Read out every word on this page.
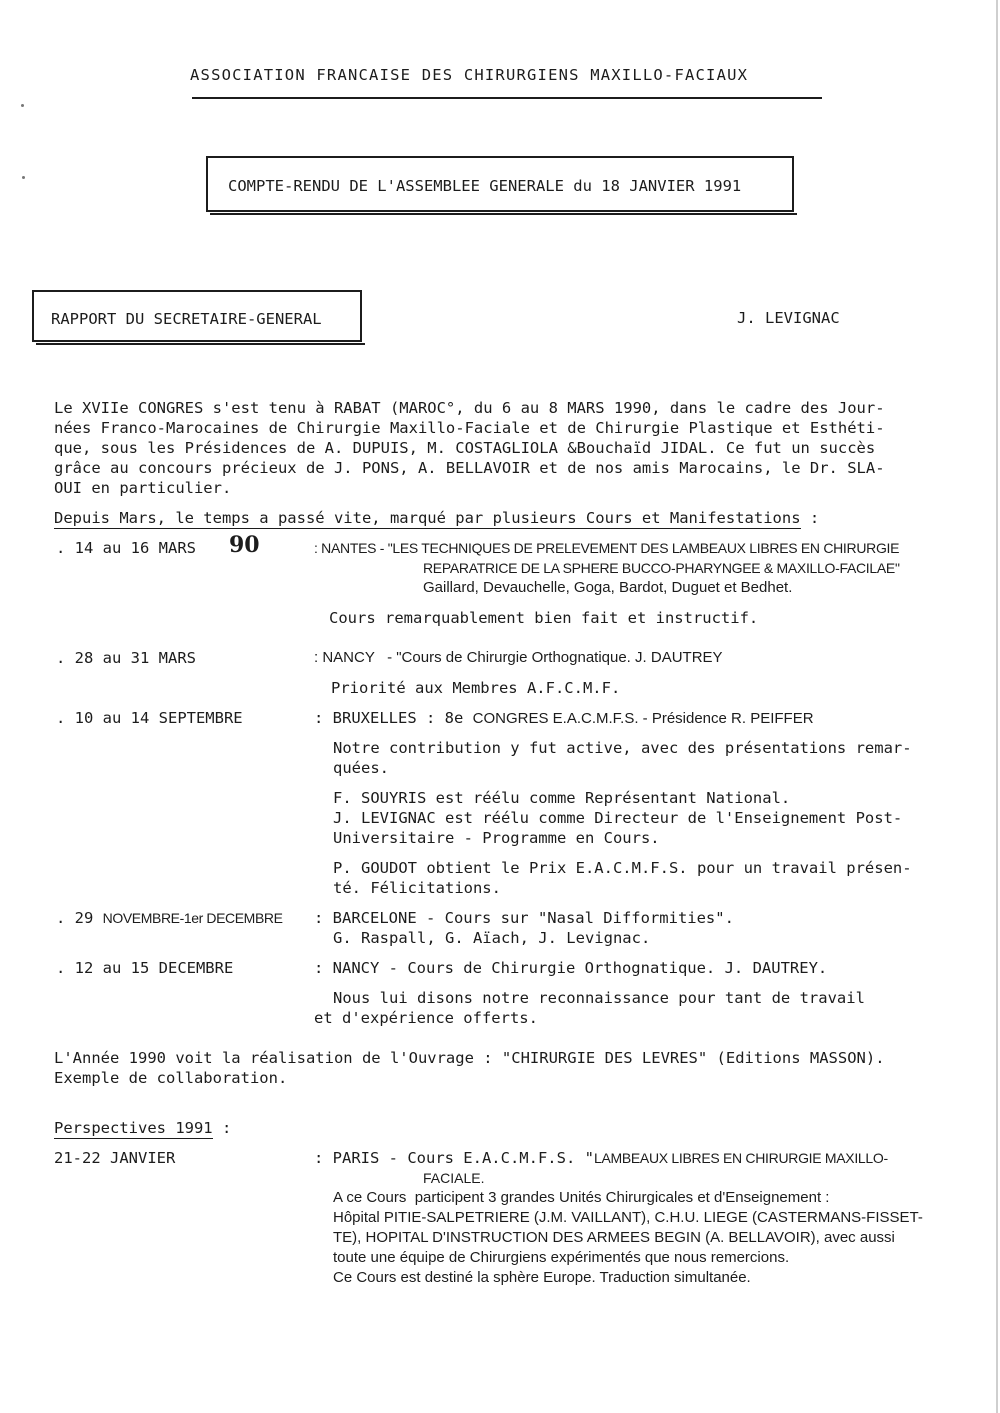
ASSOCIATION FRANCAISE DES CHIRURGIENS MAXILLO-FACIAUX
COMPTE-RENDU DE L'ASSEMBLEE GENERALE du 18 JANVIER 1991
RAPPORT DU SECRETAIRE-GENERAL	J. LEVIGNAC
Le XVIIe CONGRES s'est tenu à RABAT (MAROC°, du 6 au 8 MARS 1990, dans le cadre des Jour-
nées Franco-Marocaines de Chirurgie Maxillo-Faciale et de Chirurgie Plastique et Esthéti-
que, sous les Présidences de A. DUPUIS, M. COSTAGLIOLA &Bouchaïd JIDAL. Ce fut un succès
grâce au concours précieux de J. PONS, A. BELLAVOIR et de nos amis Marocains, le Dr. SLA-
OUI en particulier.
Depuis Mars, le temps a passé vite, marqué par plusieurs Cours et Manifestations :
. 14 au 16 MARS 90	: NANTES - "LES TECHNIQUES DE PRELEVEMENT DES LAMBEAUX LIBRES EN CHIRURGIE
REPARATRICE DE LA SPHERE BUCCO-PHARYNGEE & MAXILLO-FACILAE"
Gaillard, Devauchelle, Goga, Bardot, Duguet et Bedhet.
Cours remarquablement bien fait et instructif.
. 28 au 31 MARS	: NANCY   - "Cours de Chirurgie Orthognatique. J. DAUTREY
Priorité aux Membres A.F.C.M.F.
. 10 au 14 SEPTEMBRE	: BRUXELLES : 8e CONGRES E.A.C.M.F.S. - Présidence R. PEIFFER
Notre contribution y fut active, avec des présentations remar-
quées.
F. SOUYRIS est réélu comme Représentant National.
J. LEVIGNAC est réélu comme Directeur de l'Enseignement Post-
Universitaire - Programme en Cours.
P. GOUDOT obtient le Prix E.A.C.M.F.S. pour un travail présen-
té. Félicitations.
. 29 NOVEMBRE-1er DECEMBRE : BARCELONE - Cours sur "Nasal Difformities".
G. Raspall, G. Aïach, J. Levignac.
. 12 au 15 DECEMBRE	: NANCY - Cours de Chirurgie Orthognatique. J. DAUTREY.
Nous lui disons notre reconnaissance pour tant de travail
et d'expérience offerts.
L'Année 1990 voit la réalisation de l'Ouvrage : "CHIRURGIE DES LEVRES" (Editions MASSON).
Exemple de collaboration.
Perspectives 1991 :
21-22 JANVIER	: PARIS - Cours E.A.C.M.F.S. "LAMBEAUX LIBRES EN CHIRURGIE MAXILLO-
FACIALE.
A ce Cours  participent 3 grandes Unités Chirurgicales et d'Enseignement :
Hôpital PITIE-SALPETRIERE (J.M. VAILLANT), C.H.U. LIEGE (CASTERMANS-FISSET-
TE), HOPITAL D'INSTRUCTION DES ARMEES BEGIN (A. BELLAVOIR), avec aussi
toute une équipe de Chirurgiens expérimentés que nous remercions.
Ce Cours est destiné la sphère Europe. Traduction simultanée.
